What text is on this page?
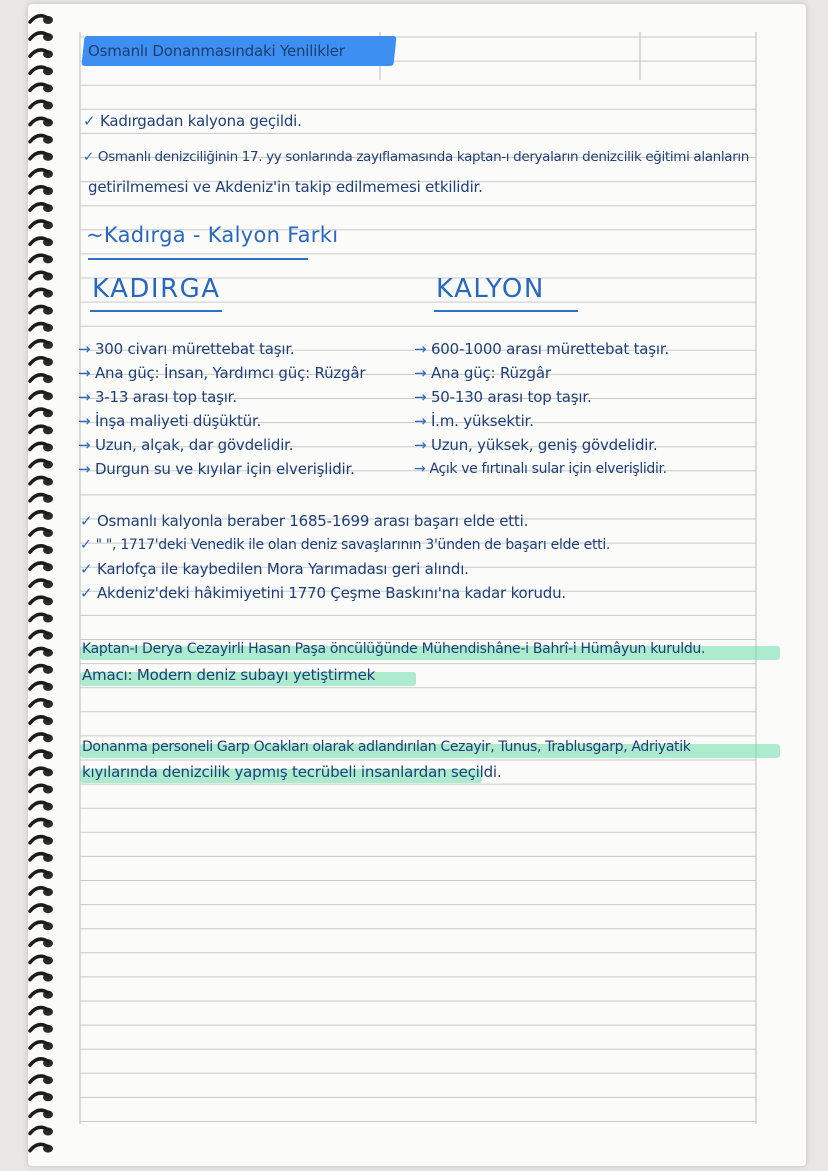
Osmanlı Donanmasındaki Yenilikler
✓ Kadırgadan kalyona geçildi.
✓ Osmanlı denizciliğinin 17. yy sonlarında zayıflamasında kaptan-ı deryaların denizcilik eğitimi alanların
getirilmemesi ve Akdeniz'in takip edilmemesi etkilidir.
~Kadırga - Kalyon Farkı
KADIRGA	KALYON
→ 300 civarı mürettebat taşır.
→ Ana güç: İnsan, Yardımcı güç: Rüzgâr
→ 3-13 arası top taşır.
→ İnşa maliyeti düşüktür.
→ Uzun, alçak, dar gövdelidir.
→ Durgun su ve kıyılar için elverişlidir.
→ 600-1000 arası mürettebat taşır.
→ Ana güç: Rüzgâr
→ 50-130 arası top taşır.
→ İ.m. yüksektir.
→ Uzun, yüksek, geniş gövdelidir.
→ Açık ve fırtınalı sular için elverişlidir.
✓ Osmanlı kalyonla beraber 1685-1699 arası başarı elde etti.
✓ " ", 1717'deki Venedik ile olan deniz savaşlarının 3'ünden de başarı elde etti.
✓ Karlofça ile kaybedilen Mora Yarımadası geri alındı.
✓ Akdeniz'deki hâkimiyetini 1770 Çeşme Baskını'na kadar korudu.
Kaptan-ı Derya Cezayirli Hasan Paşa öncülüğünde Mühendishâne-i Bahrî-i Hümâyun kuruldu.
Amacı: Modern deniz subayı yetiştirmek
Donanma personeli Garp Ocakları olarak adlandırılan Cezayir, Tunus, Trablusgarp, Adriyatik
kıyılarında denizcilik yapmış tecrübeli insanlardan seçildi.
